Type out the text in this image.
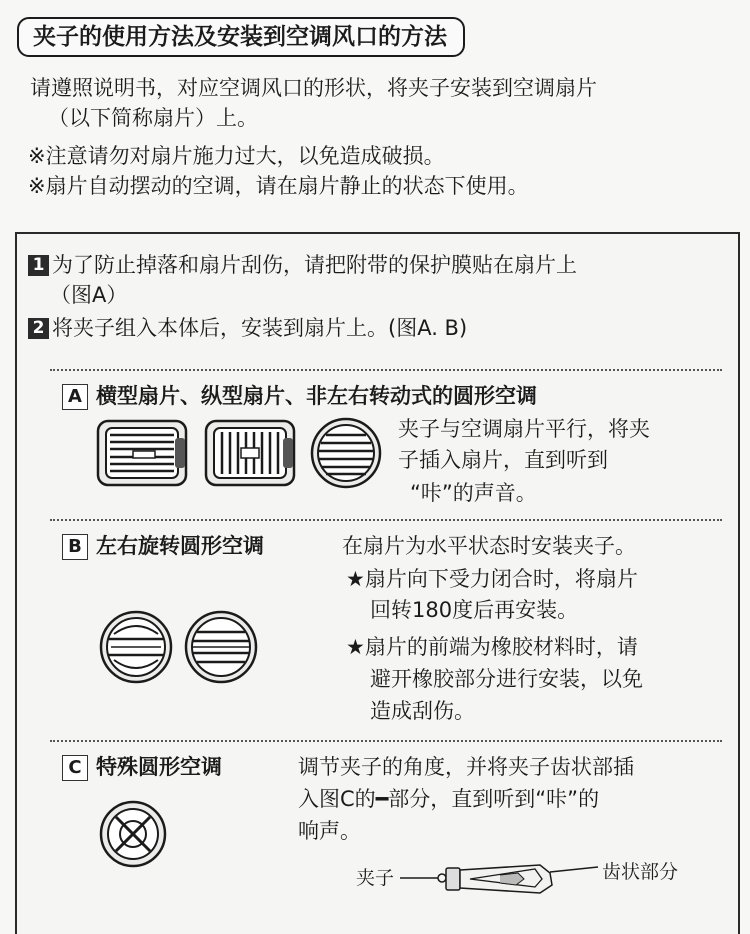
夹子的使用方法及安装到空调风口的方法
请遵照说明书，对应空调风口的形状，将夹子安装到空调扇片
（以下简称扇片）上。
※注意请勿对扇片施力过大，以免造成破损。
※扇片自动摆动的空调，请在扇片静止的状态下使用。
1 为了防止掉落和扇片刮伤，请把附带的保护膜贴在扇片上
（图A）
2 将夹子组入本体后，安装到扇片上。(图A. B)
A 横型扇片、纵型扇片、非左右转动式的圆形空调
夹子与空调扇片平行，将夹
子插入扇片，直到听到
“咔”的声音。
B 左右旋转圆形空调	在扇片为水平状态时安装夹子。
★扇片向下受力闭合时，将扇片
回转180度后再安装。
★扇片的前端为橡胶材料时，请
避开橡胶部分进行安装，以免
造成刮伤。
C 特殊圆形空调	调节夹子的角度，并将夹子齿状部插
入图C的━部分，直到听到“咔”的
响声。
夹子	齿状部分
